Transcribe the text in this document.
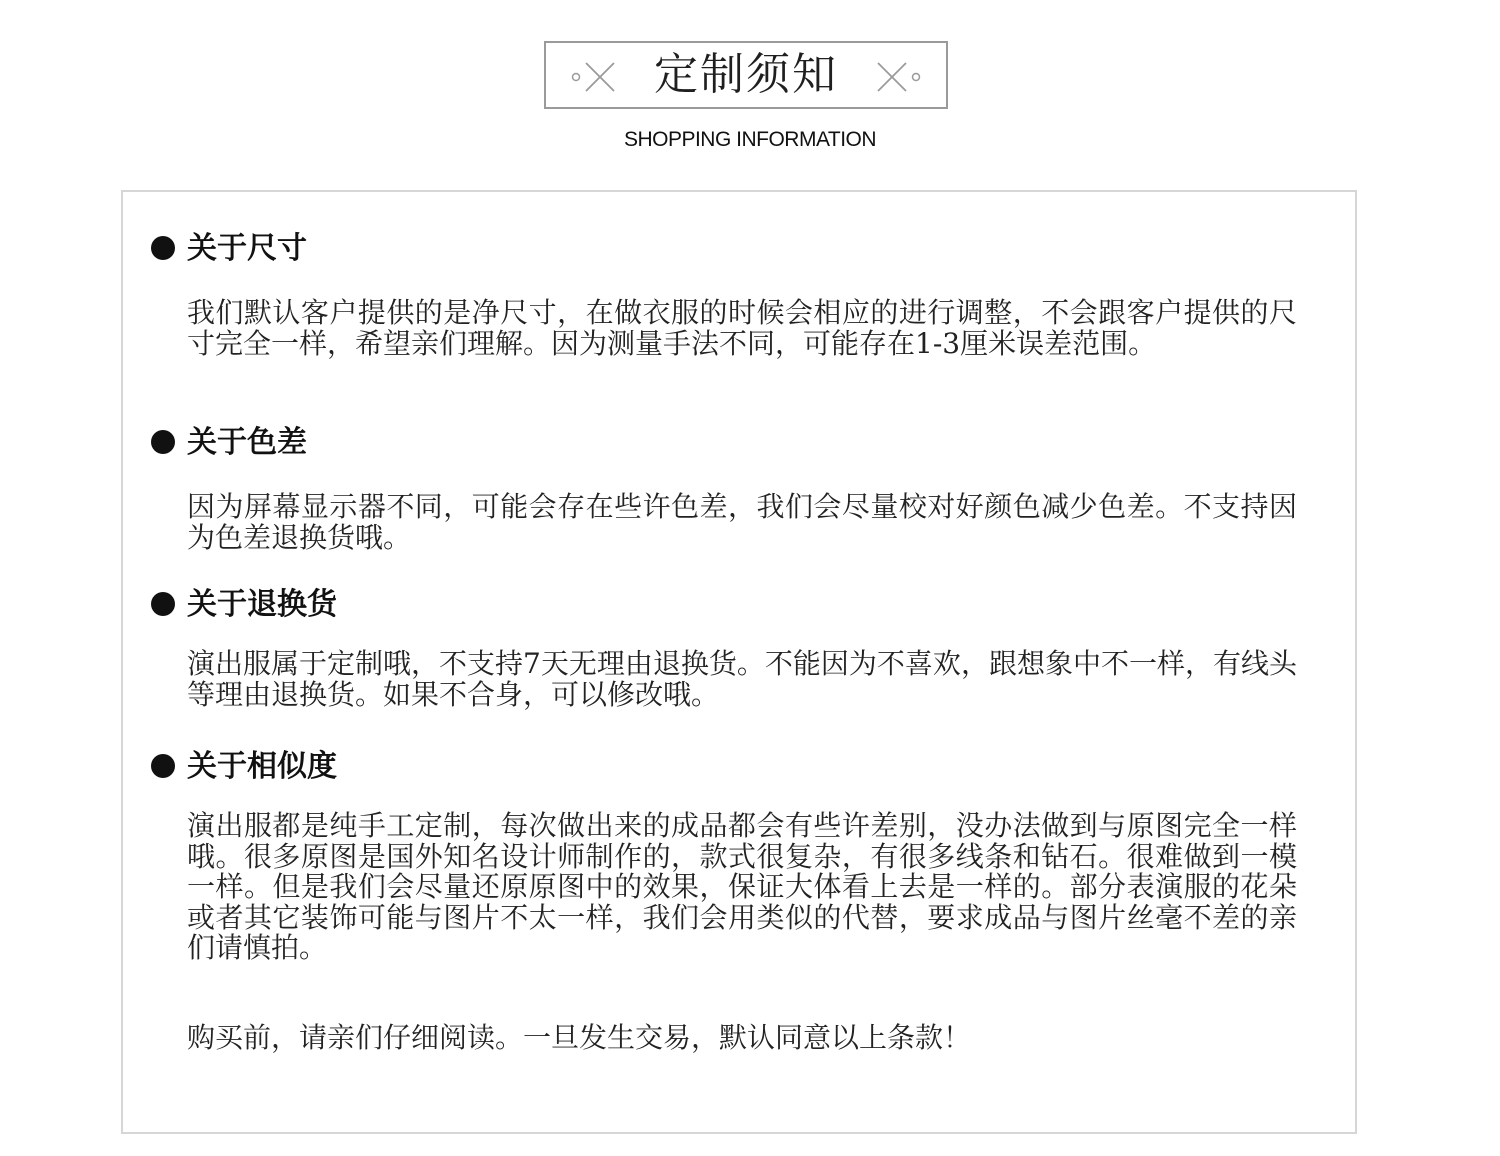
定制须知
SHOPPING INFORMATION
关于尺寸
我们默认客户提供的是净尺寸，在做衣服的时候会相应的进行调整，不会跟客户提供的尺寸完全一样，希望亲们理解。因为测量手法不同，可能存在1-3厘米误差范围。
关于色差
因为屏幕显示器不同，可能会存在些许色差，我们会尽量校对好颜色减少色差。不支持因为色差退换货哦。
关于退换货
演出服属于定制哦，不支持7天无理由退换货。不能因为不喜欢，跟想象中不一样，有线头等理由退换货。如果不合身，可以修改哦。
关于相似度
演出服都是纯手工定制，每次做出来的成品都会有些许差别，没办法做到与原图完全一样哦。很多原图是国外知名设计师制作的，款式很复杂，有很多线条和钻石。很难做到一模一样。但是我们会尽量还原原图中的效果，保证大体看上去是一样的。部分表演服的花朵或者其它装饰可能与图片不太一样，我们会用类似的代替，要求成品与图片丝毫不差的亲们请慎拍。
购买前，请亲们仔细阅读。一旦发生交易，默认同意以上条款！
